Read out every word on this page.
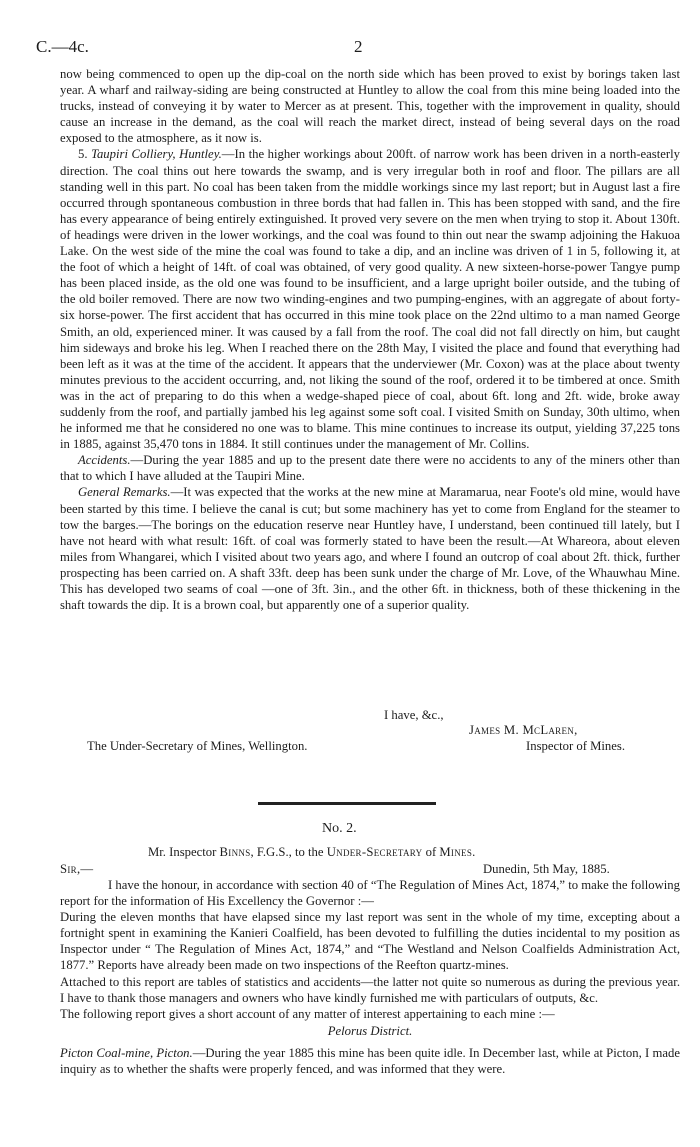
C.—4c.	2

now being commenced to open up the dip-coal on the north side which has been proved to exist by borings taken last year. A wharf and railway-siding are being constructed at Huntley to allow the coal from this mine being loaded into the trucks, instead of conveying it by water to Mercer as at present. This, together with the improvement in quality, should cause an increase in the demand, as the coal will reach the market direct, instead of being several days on the road exposed to the atmosphere, as it now is.

5. Taupiri Colliery, Huntley.—In the higher workings about 200ft. of narrow work has been driven in a north-easterly direction. The coal thins out here towards the swamp, and is very irregular both in roof and floor. The pillars are all standing well in this part. No coal has been taken from the middle workings since my last report; but in August last a fire occurred through spontaneous combustion in three bords that had fallen in. This has been stopped with sand, and the fire has every appearance of being entirely extinguished. It proved very severe on the men when trying to stop it. About 130ft. of headings were driven in the lower workings, and the coal was found to thin out near the swamp adjoining the Hakuoa Lake. On the west side of the mine the coal was found to take a dip, and an incline was driven of 1 in 5, following it, at the foot of which a height of 14ft. of coal was obtained, of very good quality. A new sixteen-horse-power Tangye pump has been placed inside, as the old one was found to be insufficient, and a large upright boiler outside, and the tubing of the old boiler removed. There are now two winding-engines and two pumping-engines, with an aggregate of about forty-six horse-power. The first accident that has occurred in this mine took place on the 22nd ultimo to a man named George Smith, an old, experienced miner. It was caused by a fall from the roof. The coal did not fall directly on him, but caught him sideways and broke his leg. When I reached there on the 28th May, I visited the place and found that everything had been left as it was at the time of the accident. It appears that the underviewer (Mr. Coxon) was at the place about twenty minutes previous to the accident occurring, and, not liking the sound of the roof, ordered it to be timbered at once. Smith was in the act of preparing to do this when a wedge-shaped piece of coal, about 6ft. long and 2ft. wide, broke away suddenly from the roof, and partially jambed his leg against some soft coal. I visited Smith on Sunday, 30th ultimo, when he informed me that he considered no one was to blame. This mine continues to increase its output, yielding 37,225 tons in 1885, against 35,470 tons in 1884. It still continues under the management of Mr. Collins.

Accidents.—During the year 1885 and up to the present date there were no accidents to any of the miners other than that to which I have alluded at the Taupiri Mine.

General Remarks.—It was expected that the works at the new mine at Maramarua, near Foote's old mine, would have been started by this time. I believe the canal is cut; but some machinery has yet to come from England for the steamer to tow the barges.—The borings on the education reserve near Huntley have, I understand, been continued till lately, but I have not heard with what result: 16ft. of coal was formerly stated to have been the result.—At Whareora, about eleven miles from Whangarei, which I visited about two years ago, and where I found an outcrop of coal about 2ft. thick, further prospecting has been carried on. A shaft 33ft. deep has been sunk under the charge of Mr. Love, of the Whauwhau Mine. This has developed two seams of coal —one of 3ft. 3in., and the other 6ft. in thickness, both of these thickening in the shaft towards the dip. It is a brown coal, but apparently one of a superior quality.

I have, &c.,
James M. McLaren,
The Under-Secretary of Mines, Wellington.	Inspector of Mines.
No. 2.
Mr. Inspector Binns, F.G.S., to the Under-Secretary of Mines.
Sir,—	Dunedin, 5th May, 1885.

I have the honour, in accordance with section 40 of “The Regulation of Mines Act, 1874,” to make the following report for the information of His Excellency the Governor :—

During the eleven months that have elapsed since my last report was sent in the whole of my time, excepting about a fortnight spent in examining the Kanieri Coalfield, has been devoted to fulfilling the duties incidental to my position as Inspector under “ The Regulation of Mines Act, 1874,” and “The Westland and Nelson Coalfields Administration Act, 1877.” Reports have already been made on two inspections of the Reefton quartz-mines.

Attached to this report are tables of statistics and accidents—the latter not quite so numerous as during the previous year. I have to thank those managers and owners who have kindly furnished me with particulars of outputs, &c.

The following report gives a short account of any matter of interest appertaining to each mine :—

Pelorus District.

Picton Coal-mine, Picton.—During the year 1885 this mine has been quite idle. In December last, while at Picton, I made inquiry as to whether the shafts were properly fenced, and was informed that they were.
